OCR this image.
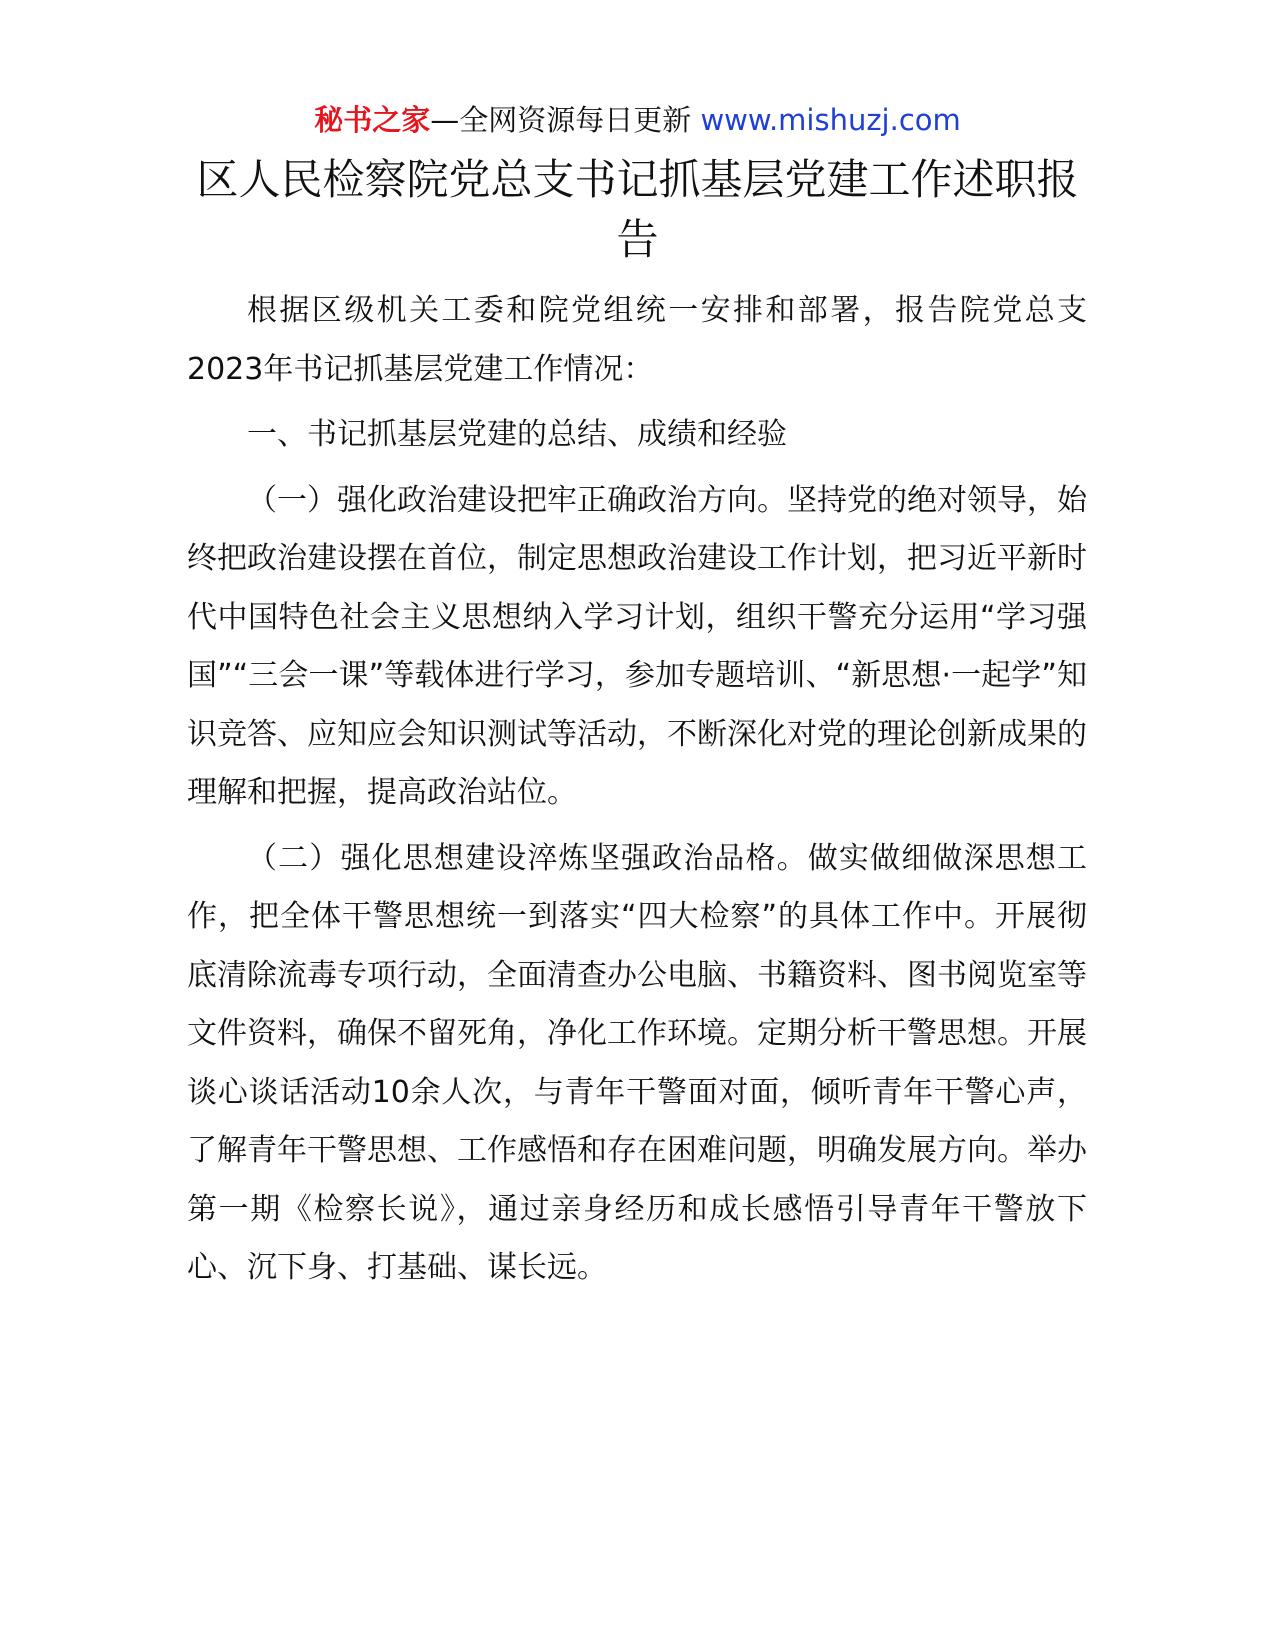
秘书之家—全网资源每日更新 www.mishuzj.com
区人民检察院党总支书记抓基层党建工作述职报告

根据区级机关工委和院党组统一安排和部署，报告院党总支2023年书记抓基层党建工作情况：

一、书记抓基层党建的总结、成绩和经验

（一）强化政治建设把牢正确政治方向。坚持党的绝对领导，始终把政治建设摆在首位，制定思想政治建设工作计划，把习近平新时代中国特色社会主义思想纳入学习计划，组织干警充分运用“学习强国”“三会一课”等载体进行学习，参加专题培训、“新思想·一起学”知识竞答、应知应会知识测试等活动，不断深化对党的理论创新成果的理解和把握，提高政治站位。

（二）强化思想建设淬炼坚强政治品格。做实做细做深思想工作，把全体干警思想统一到落实“四大检察”的具体工作中。开展彻底清除流毒专项行动，全面清查办公电脑、书籍资料、图书阅览室等文件资料，确保不留死角，净化工作环境。定期分析干警思想。开展谈心谈话活动10余人次，与青年干警面对面，倾听青年干警心声，了解青年干警思想、工作感悟和存在困难问题，明确发展方向。举办第一期《检察长说》，通过亲身经历和成长感悟引导青年干警放下心、沉下身、打基础、谋长远。
